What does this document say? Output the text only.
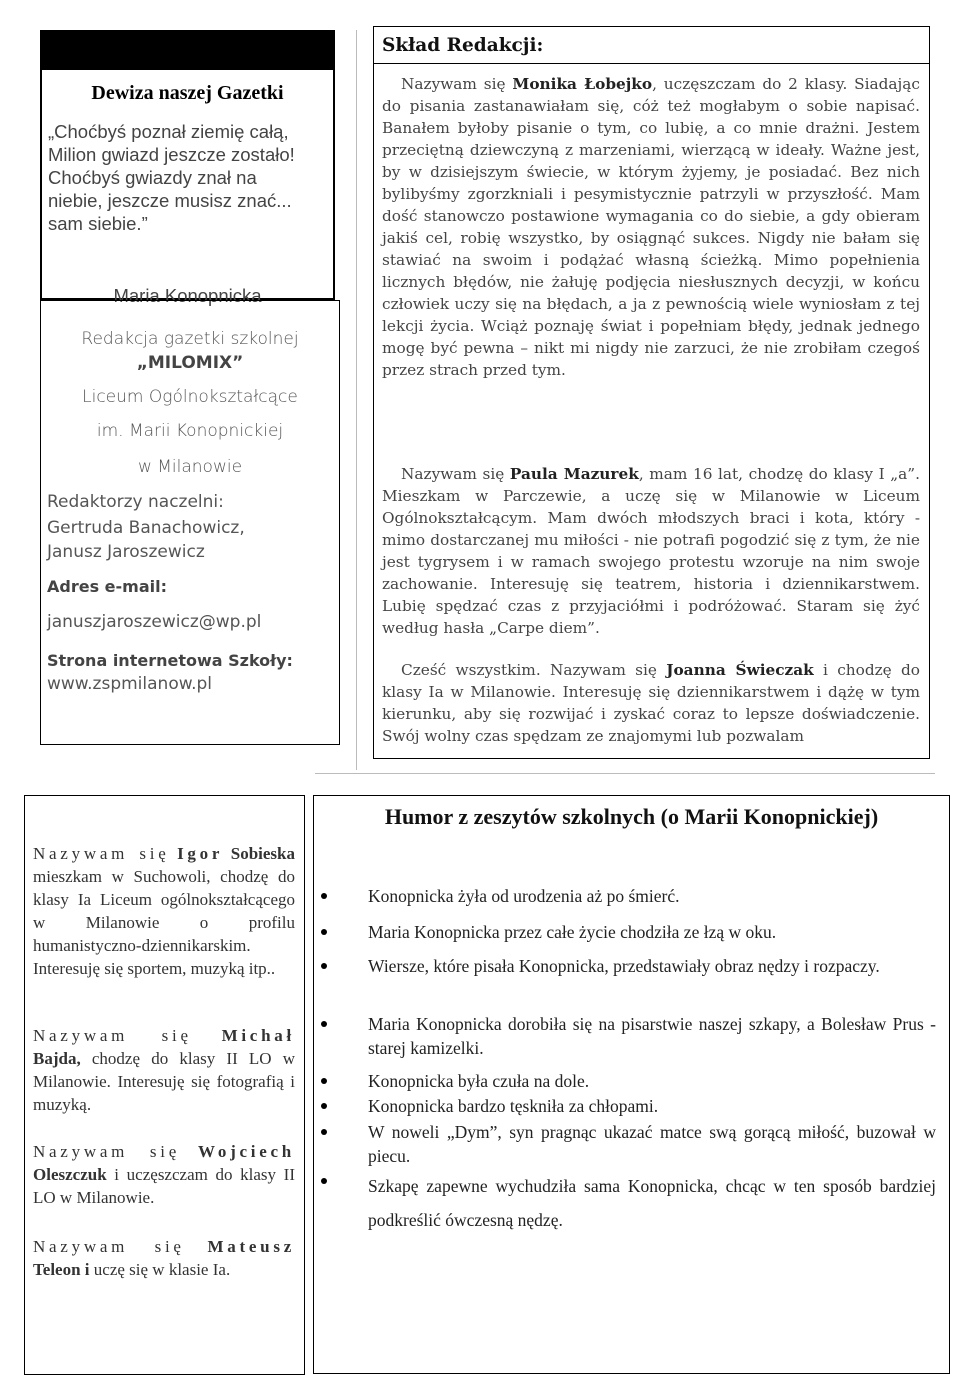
Dewiza naszej Gazetki
„Choćbyś poznał ziemię całą,
Milion gwiazd jeszcze zostało!
Choćbyś gwiazdy znał na
niebie, jeszcze musisz znać...
sam siebie.”
Maria Konopnicka
Redakcja gazetki szkolnej
„MILOMIX”
Liceum Ogólnokształcące
im. Marii Konopnickiej
w Milanowie
Redaktorzy naczelni:
Gertruda Banachowicz,
Janusz Jaroszewicz
Adres e-mail:
januszjaroszewicz@wp.pl
Strona internetowa Szkoły:
www.zspmilanow.pl
Skład Redakcji:
Nazywam się Monika Łobejko, uczęszczam do 2 klasy. Siadając do pisania zastanawiałam się, cóż też mogłabym o sobie napisać. Banałem byłoby pisanie o tym, co lubię, a co mnie drażni. Jestem przeciętną dziewczyną z marzeniami, wierzącą w ideały. Ważne jest, by w dzisiejszym świecie, w którym żyjemy, je posiadać. Bez nich bylibyśmy zgorzkniali i pesymistycznie patrzyli w przyszłość. Mam dość stanowczo postawione wymagania co do siebie, a gdy obieram jakiś cel, robię wszystko, by osiągnąć sukces. Nigdy nie bałam się stawiać na swoim i podążać własną ścieżką. Mimo popełnienia licznych błędów, nie żałuję podjęcia niesłusznych decyzji, w końcu człowiek uczy się na błędach, a ja z pewnością wiele wyniosłam z tej lekcji życia. Wciąż poznaję świat i popełniam błędy, jednak jednego mogę być pewna – nikt mi nigdy nie zarzuci, że nie zrobiłam czegoś przez strach przed tym.
Nazywam się Paula Mazurek, mam 16 lat, chodzę do klasy I „a”. Mieszkam w Parczewie, a uczę się w Milanowie w Liceum Ogólnokształcącym. Mam dwóch młodszych braci i kota, który - mimo dostarczanej mu miłości - nie potrafi pogodzić się z tym, że nie jest tygrysem i w ramach swojego protestu wzoruje na nim swoje zachowanie. Interesuję się teatrem, historia i dziennikarstwem. Lubię spędzać czas z przyjaciółmi i podróżować. Staram się żyć według hasła „Carpe diem”.
Cześć wszystkim. Nazywam się Joanna Świeczak i chodzę do klasy Ia w Milanowie. Interesuję się dziennikarstwem i dążę w tym kierunku, aby się rozwijać i zyskać coraz to lepsze doświadczenie. Swój wolny czas spędzam ze znajomymi lub pozwalam
Nazywam się Igor Sobieska mieszkam w Suchowoli, chodzę do klasy Ia Liceum ogólnokształcącego w Milanowie o profilu humanistyczno-dziennikarskim. Interesuję się sportem, muzyką itp..
Nazywam się Michał Bajda, chodzę do klasy II LO w Milanowie. Interesuję się fotografią i muzyką.
Nazywam się Wojciech Oleszczuk i uczęszczam do klasy II LO w Milanowie.
Nazywam się Mateusz Teleon i uczę się w klasie Ia.
Humor z zeszytów szkolnych (o Marii Konopnickiej)
Konopnicka żyła od urodzenia aż po śmierć.
Maria Konopnicka przez całe życie chodziła ze łzą w oku.
Wiersze, które pisała Konopnicka, przedstawiały obraz nędzy i rozpaczy.
Maria Konopnicka dorobiła się na pisarstwie naszej szkapy, a Bolesław Prus - starej kamizelki.
Konopnicka była czuła na dole.
Konopnicka bardzo tęskniła za chłopami.
W noweli „Dym”, syn pragnąc ukazać matce swą gorącą miłość, buzował w piecu.
Szkapę zapewne wychudziła sama Konopnicka, chcąc w ten sposób bardziej podkreślić ówczesną nędzę.
